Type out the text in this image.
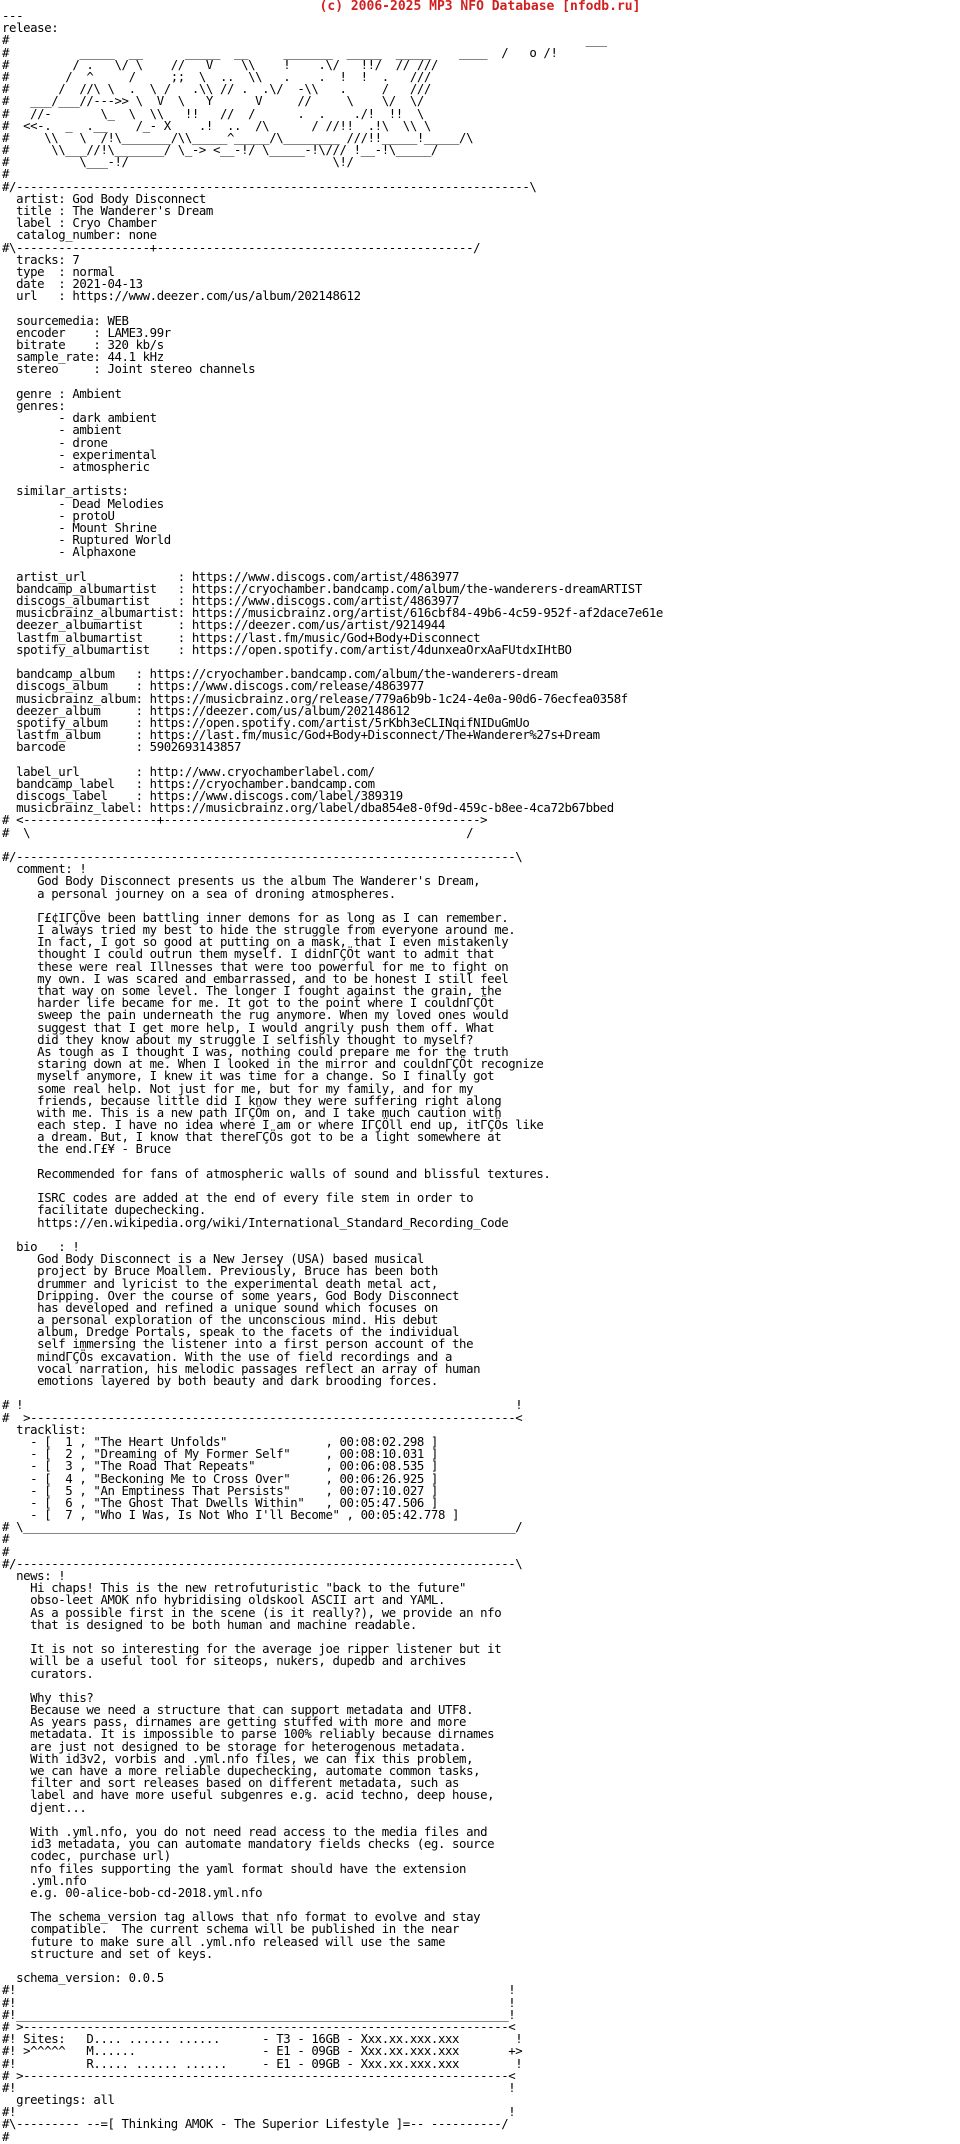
(c) 2006-2025 MP3 NFO Database [nfodb.ru]
---
release:
#                                                                                  ___
#          _____  __      _____  __     _______  _____  _____    ____  /   o /!
#         / .   \/ \    //   V    \\    !    .\/   !!/  // ///
#        /  ^     /     ;;  \  ..  \\   .    .  !  !  .   ///
#       /  //\ \  .  \ /   .\\ // .  .\/  -\\   .     /   ///
#   ___/___//--->> \  V  \   Y      V     //     \    \/  \/
#   //-       \_  \  \\   !!   //  /      .  .    ./!  !!  \
#  <<-.  _  .__    /_- X    .!  ..  /\      / //!!  .!\  \\ \
#     \\   \  /!\_______/\\_____^_____/\________ ///!!_____!_____/\
#      \\___//!\_______/ \_-> <__-!/ \_____-!\/// !__-!\_____/
#          \___-!/                             \!/
#
#/-------------------------------------------------------------------------\
artist: God Body Disconnect
title : The Wanderer's Dream
label : Cryo Chamber
catalog_number: none
#\-------------------+---------------------------------------------/
tracks: 7
type  : normal
date  : 2021-04-13
url   : https://www.deezer.com/us/album/202148612
sourcemedia: WEB
encoder    : LAME3.99r
bitrate    : 320 kb/s
sample_rate: 44.1 kHz
stereo     : Joint stereo channels
genre : Ambient
genres:
- dark ambient
- ambient
- drone
- experimental
- atmospheric
similar_artists:
- Dead Melodies
- protoU
- Mount Shrine
- Ruptured World
- Alphaxone
artist_url             : https://www.discogs.com/artist/4863977
bandcamp_albumartist   : https://cryochamber.bandcamp.com/album/the-wanderers-dreamARTIST
discogs_albumartist    : https://www.discogs.com/artist/4863977
musicbrainz_albumartist: https://musicbrainz.org/artist/616cbf84-49b6-4c59-952f-af2dace7e61e
deezer_albumartist     : https://deezer.com/us/artist/9214944
lastfm_albumartist     : https://last.fm/music/God+Body+Disconnect
spotify_albumartist    : https://open.spotify.com/artist/4dunxeaOrxAaFUtdxIHtBO
bandcamp_album   : https://cryochamber.bandcamp.com/album/the-wanderers-dream
discogs_album    : https://www.discogs.com/release/4863977
musicbrainz_album: https://musicbrainz.org/release/779a6b9b-1c24-4e0a-90d6-76ecfea0358f
deezer_album     : https://deezer.com/us/album/202148612
spotify_album    : https://open.spotify.com/artist/5rKbh3eCLINqifNIDuGmUo
lastfm_album     : https://last.fm/music/God+Body+Disconnect/The+Wanderer%27s+Dream
barcode          : 5902693143857
label_url        : http://www.cryochamberlabel.com/
bandcamp_label   : https://cryochamber.bandcamp.com
discogs_label    : https://www.discogs.com/label/389319
musicbrainz_label: https://musicbrainz.org/label/dba854e8-0f9d-459c-b8ee-4ca72b67bbed
# <-------------------+--------------------------------------------->
#  \                                                              /
#/-----------------------------------------------------------------------\
comment: !
God Body Disconnect presents us the album The Wanderer's Dream,
a personal journey on a sea of droning atmospheres.
Γ£¢IΓÇÖve been battling inner demons for as long as I can remember.
I always tried my best to hide the struggle from everyone around me.
In fact, I got so good at putting on a mask, that I even mistakenly
thought I could outrun them myself. I didnΓÇÖt want to admit that
these were real Illnesses that were too powerful for me to fight on
my own. I was scared and embarrassed, and to be honest I still feel
that way on some level. The longer I fought against the grain, the
harder life became for me. It got to the point where I couldnΓÇÖt
sweep the pain underneath the rug anymore. When my loved ones would
suggest that I get more help, I would angrily push them off. What
did they know about my struggle I selfishly thought to myself?
As tough as I thought I was, nothing could prepare me for the truth
staring down at me. When I looked in the mirror and couldnΓÇÖt recognize
myself anymore, I knew it was time for a change. So I finally got
some real help. Not just for me, but for my family, and for my
friends, because little did I know they were suffering right along
with me. This is a new path IΓÇÖm on, and I take much caution with
each step. I have no idea where I am or where IΓÇÖll end up, itΓÇÖs like
a dream. But, I know that thereΓÇÖs got to be a light somewhere at
the end.Γ£¥ - Bruce
Recommended for fans of atmospheric walls of sound and blissful textures.
ISRC codes are added at the end of every file stem in order to
facilitate dupechecking.
https://en.wikipedia.org/wiki/International_Standard_Recording_Code
bio   : !
God Body Disconnect is a New Jersey (USA) based musical
project by Bruce Moallem. Previously, Bruce has been both
drummer and lyricist to the experimental death metal act,
Dripping. Over the course of some years, God Body Disconnect
has developed and refined a unique sound which focuses on
a personal exploration of the unconscious mind. His debut
album, Dredge Portals, speak to the facets of the individual
self immersing the listener into a first person account of the
mindΓÇÖs excavation. With the use of field recordings and a
vocal narration, his melodic passages reflect an array of human
emotions layered by both beauty and dark brooding forces.
# !                                                                      !
#  >---------------------------------------------------------------------<
tracklist:
- [  1 , "The Heart Unfolds"              , 00:08:02.298 ]
- [  2 , "Dreaming of My Former Self"     , 00:08:10.031 ]
- [  3 , "The Road That Repeats"          , 00:06:08.535 ]
- [  4 , "Beckoning Me to Cross Over"     , 00:06:26.925 ]
- [  5 , "An Emptiness That Persists"     , 00:07:10.027 ]
- [  6 , "The Ghost That Dwells Within"   , 00:05:47.506 ]
- [  7 , "Who I Was, Is Not Who I'll Become" , 00:05:42.778 ]
# \______________________________________________________________________/
#
#
#/-----------------------------------------------------------------------\
news: !
Hi chaps! This is the new retrofuturistic "back to the future"
obso-leet AMOK nfo hybridising oldskool ASCII art and YAML.
As a possible first in the scene (is it really?), we provide an nfo
that is designed to be both human and machine readable.
It is not so interesting for the average joe ripper listener but it
will be a useful tool for siteops, nukers, dupedb and archives
curators.
Why this?
Because we need a structure that can support metadata and UTF8.
As years pass, dirnames are getting stuffed with more and more
metadata. It is impossible to parse 100% reliably because dirnames
are just not designed to be storage for heterogenous metadata.
With id3v2, vorbis and .yml.nfo files, we can fix this problem,
we can have a more reliable dupechecking, automate common tasks,
filter and sort releases based on different metadata, such as
label and have more useful subgenres e.g. acid techno, deep house,
djent...
With .yml.nfo, you do not need read access to the media files and
id3 metadata, you can automate mandatory fields checks (eg. source
codec, purchase url)
nfo files supporting the yaml format should have the extension
.yml.nfo
e.g. 00-alice-bob-cd-2018.yml.nfo
The schema_version tag allows that nfo format to evolve and stay
compatible.  The current schema will be published in the near
future to make sure all .yml.nfo released will use the same
structure and set of keys.
schema_version: 0.0.5
#!                                                                      !
#!                                                                      !
#!______________________________________________________________________!
# >---------------------------------------------------------------------<
#! Sites:   D.... ...... ......      - T3 - 16GB - Xxx.xx.xxx.xxx        !
#! >^^^^^   M......                  - E1 - 09GB - Xxx.xx.xxx.xxx       +>
#!          R..... ...... ......     - E1 - 09GB - Xxx.xx.xxx.xxx        !
# >---------------------------------------------------------------------<
#!                                                                      !
greetings: all
#!                                                                      !
#\--------- --=[ Thinking AMOK - The Superior Lifestyle ]=-- ----------/
#
